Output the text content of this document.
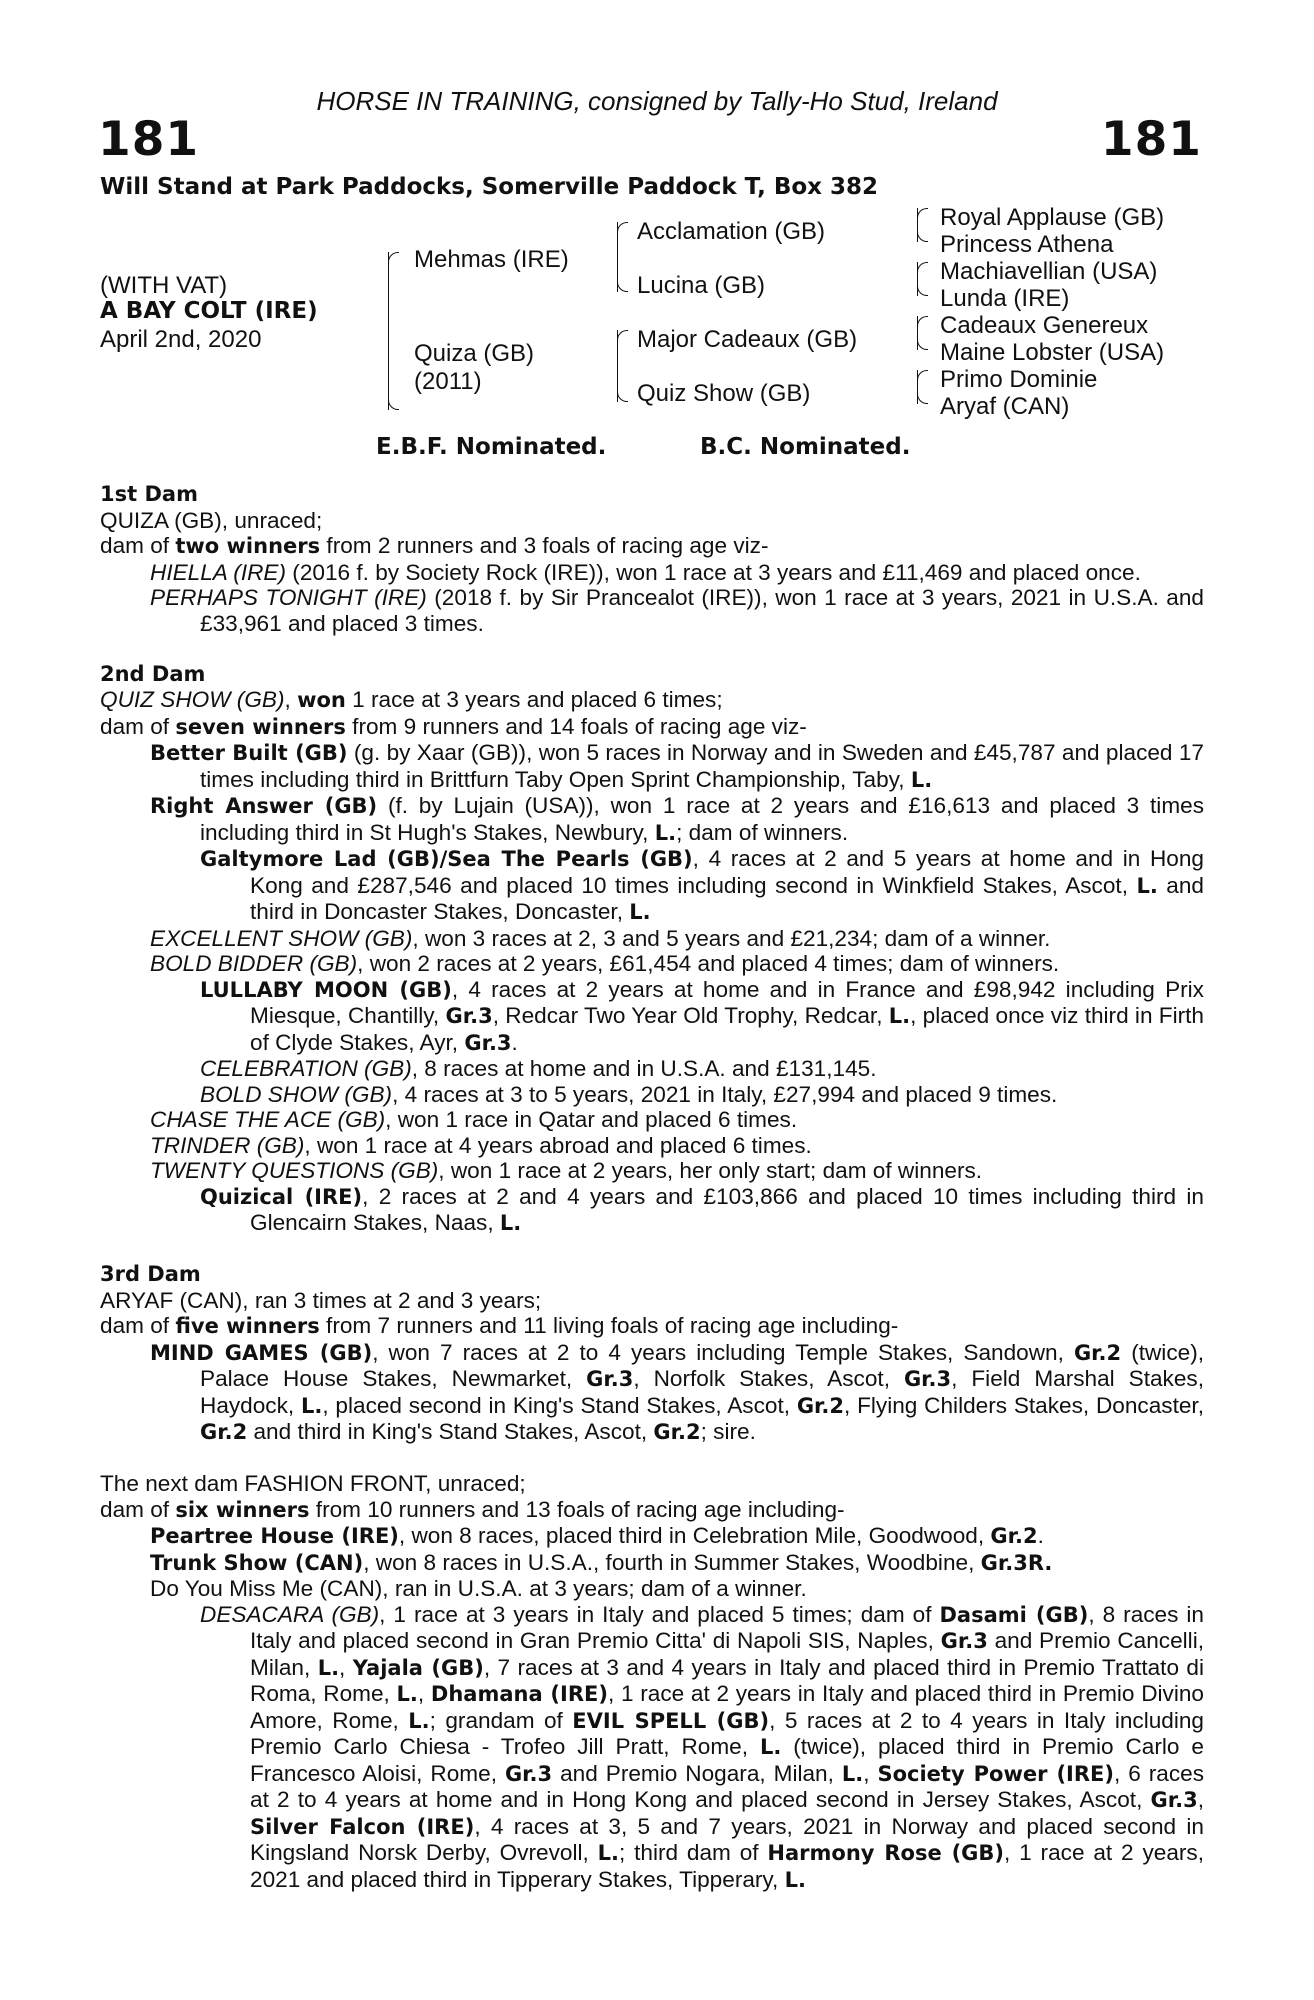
HORSE IN TRAINING, consigned by Tally-Ho Stud, Ireland
181	181
Will Stand at Park Paddocks, Somerville Paddock T, Box 382
(WITH VAT)
A BAY COLT (IRE)
April 2nd, 2020
Mehmas (IRE)
Quiza (GB)
(2011)
Acclamation (GB)
Lucina (GB)
Major Cadeaux (GB)
Quiz Show (GB)
Royal Applause (GB)
Princess Athena
Machiavellian (USA)
Lunda (IRE)
Cadeaux Genereux
Maine Lobster (USA)
Primo Dominie
Aryaf (CAN)
E.B.F. Nominated.	B.C. Nominated.

1st Dam

QUIZA (GB), unraced;

dam of two winners from 2 runners and 3 foals of racing age viz-

HIELLA (IRE) (2016 f. by Society Rock (IRE)), won 1 race at 3 years and £11,469 and placed once.

PERHAPS TONIGHT (IRE) (2018 f. by Sir Prancealot (IRE)), won 1 race at 3 years, 2021 in U.S.A. and £33,961 and placed 3 times.

2nd Dam

QUIZ SHOW (GB), won 1 race at 3 years and placed 6 times;

dam of seven winners from 9 runners and 14 foals of racing age viz-

Better Built (GB) (g. by Xaar (GB)), won 5 races in Norway and in Sweden and £45,787 and placed 17 times including third in Brittfurn Taby Open Sprint Championship, Taby, L.

Right Answer (GB) (f. by Lujain (USA)), won 1 race at 2 years and £16,613 and placed 3 times including third in St Hugh's Stakes, Newbury, L.; dam of winners.

Galtymore Lad (GB)/Sea The Pearls (GB), 4 races at 2 and 5 years at home and in Hong Kong and £287,546 and placed 10 times including second in Winkfield Stakes, Ascot, L. and third in Doncaster Stakes, Doncaster, L.

EXCELLENT SHOW (GB), won 3 races at 2, 3 and 5 years and £21,234; dam of a winner.

BOLD BIDDER (GB), won 2 races at 2 years, £61,454 and placed 4 times; dam of winners.

LULLABY MOON (GB), 4 races at 2 years at home and in France and £98,942 including Prix Miesque, Chantilly, Gr.3, Redcar Two Year Old Trophy, Redcar, L., placed once viz third in Firth of Clyde Stakes, Ayr, Gr.3.

CELEBRATION (GB), 8 races at home and in U.S.A. and £131,145.

BOLD SHOW (GB), 4 races at 3 to 5 years, 2021 in Italy, £27,994 and placed 9 times.

CHASE THE ACE (GB), won 1 race in Qatar and placed 6 times.

TRINDER (GB), won 1 race at 4 years abroad and placed 6 times.

TWENTY QUESTIONS (GB), won 1 race at 2 years, her only start; dam of winners.

Quizical (IRE), 2 races at 2 and 4 years and £103,866 and placed 10 times including third in Glencairn Stakes, Naas, L.

3rd Dam

ARYAF (CAN), ran 3 times at 2 and 3 years;

dam of five winners from 7 runners and 11 living foals of racing age including-

MIND GAMES (GB), won 7 races at 2 to 4 years including Temple Stakes, Sandown, Gr.2 (twice), Palace House Stakes, Newmarket, Gr.3, Norfolk Stakes, Ascot, Gr.3, Field Marshal Stakes, Haydock, L., placed second in King's Stand Stakes, Ascot, Gr.2, Flying Childers Stakes, Doncaster, Gr.2 and third in King's Stand Stakes, Ascot, Gr.2; sire.

The next dam FASHION FRONT, unraced;

dam of six winners from 10 runners and 13 foals of racing age including-

Peartree House (IRE), won 8 races, placed third in Celebration Mile, Goodwood, Gr.2.

Trunk Show (CAN), won 8 races in U.S.A., fourth in Summer Stakes, Woodbine, Gr.3R.

Do You Miss Me (CAN), ran in U.S.A. at 3 years; dam of a winner.

DESACARA (GB), 1 race at 3 years in Italy and placed 5 times; dam of Dasami (GB), 8 races in Italy and placed second in Gran Premio Citta' di Napoli SIS, Naples, Gr.3 and Premio Cancelli, Milan, L., Yajala (GB), 7 races at 3 and 4 years in Italy and placed third in Premio Trattato di Roma, Rome, L., Dhamana (IRE), 1 race at 2 years in Italy and placed third in Premio Divino Amore, Rome, L.; grandam of EVIL SPELL (GB), 5 races at 2 to 4 years in Italy including Premio Carlo Chiesa - Trofeo Jill Pratt, Rome, L. (twice), placed third in Premio Carlo e Francesco Aloisi, Rome, Gr.3 and Premio Nogara, Milan, L., Society Power (IRE), 6 races at 2 to 4 years at home and in Hong Kong and placed second in Jersey Stakes, Ascot, Gr.3, Silver Falcon (IRE), 4 races at 3, 5 and 7 years, 2021 in Norway and placed second in Kingsland Norsk Derby, Ovrevoll, L.; third dam of Harmony Rose (GB), 1 race at 2 years, 2021 and placed third in Tipperary Stakes, Tipperary, L.
